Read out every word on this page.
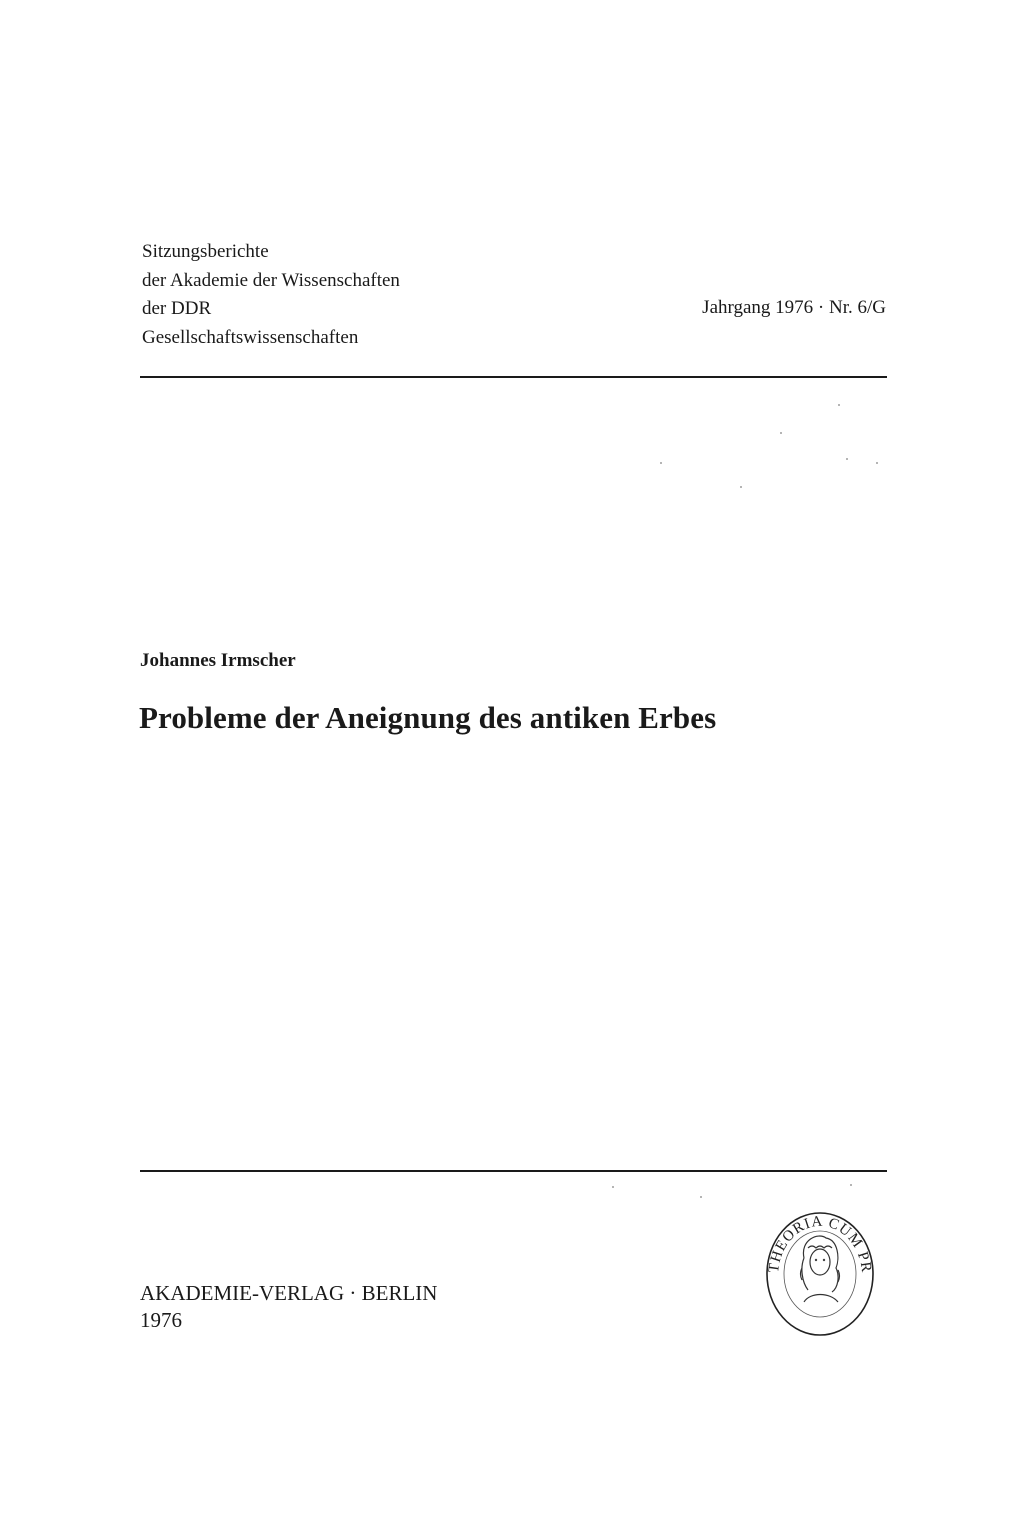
Sitzungsberichte
der Akademie der Wissenschaften
der DDR
Gesellschaftswissenschaften
Jahrgang 1976 · Nr. 6/G
Johannes Irmscher
Probleme der Aneignung des antiken Erbes
AKADEMIE-VERLAG · BERLIN
1976
THEORIA CUM PR
